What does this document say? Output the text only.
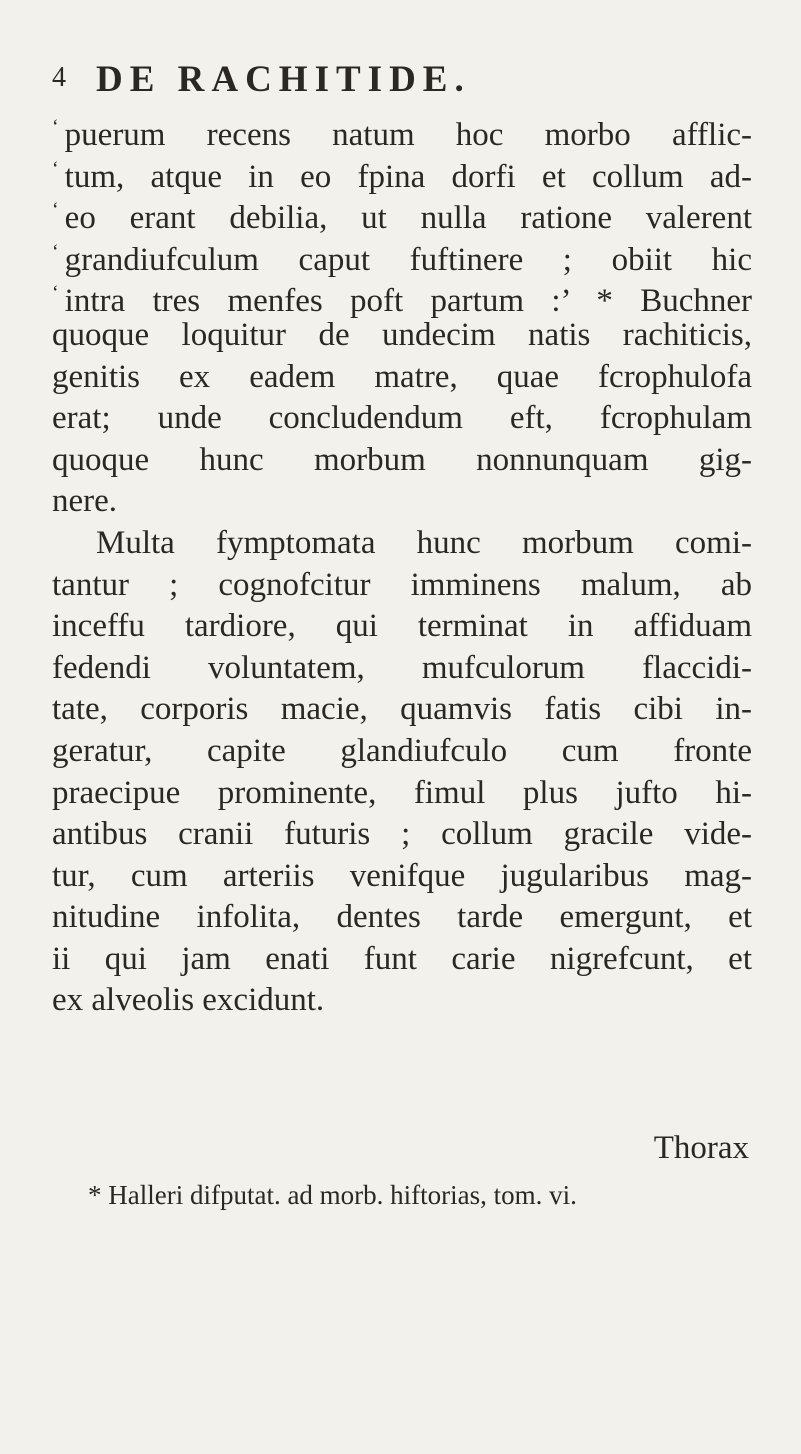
4 DE RACHITIDE.
‘ puerum recens natum hoc morbo afflic-
‘ tum, atque in eo fpina dorfi et collum ad-
‘ eo erant debilia, ut nulla ratione valerent
‘ grandiufculum caput fuftinere ; obiit hic
‘ intra tres menfes poft partum :’ * Buchner
quoque loquitur de undecim natis rachiticis,
genitis ex eadem matre, quae fcrophulofa
erat; unde concludendum eft, fcrophulam
quoque hunc morbum nonnunquam gig-
nere.
Multa fymptomata hunc morbum comi-
tantur ; cognofcitur imminens malum, ab
inceffu tardiore, qui terminat in affiduam
fedendi voluntatem, mufculorum flaccidi-
tate, corporis macie, quamvis fatis cibi in-
geratur, capite glandiufculo cum fronte
praecipue prominente, fimul plus jufto hi-
antibus cranii futuris ; collum gracile vide-
tur, cum arteriis venifque jugularibus mag-
nitudine infolita, dentes tarde emergunt, et
ii qui jam enati funt carie nigrefcunt, et
ex alveolis excidunt.
Thorax
* Halleri difputat. ad morb. hiftorias, tom. vi.
